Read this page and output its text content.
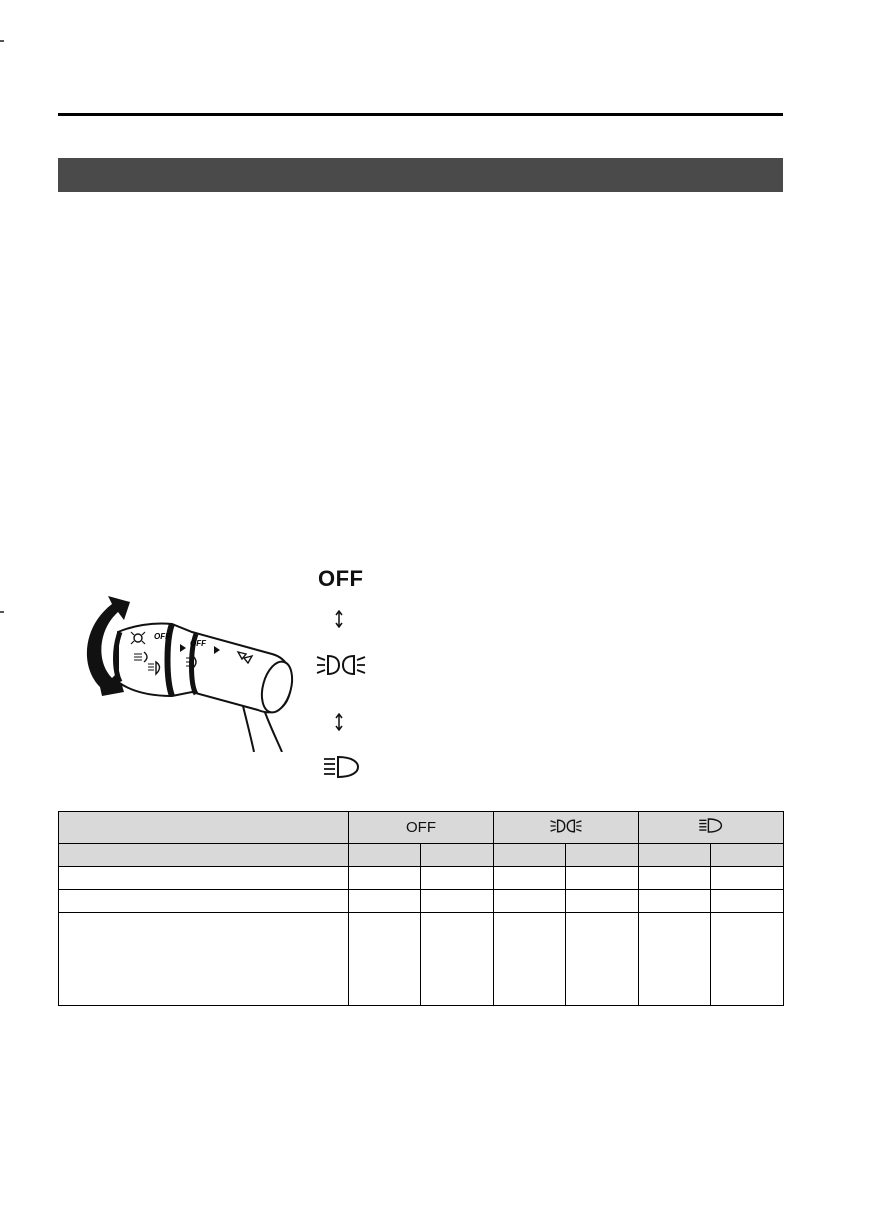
OFF
OFF
OFF
	OFF		
